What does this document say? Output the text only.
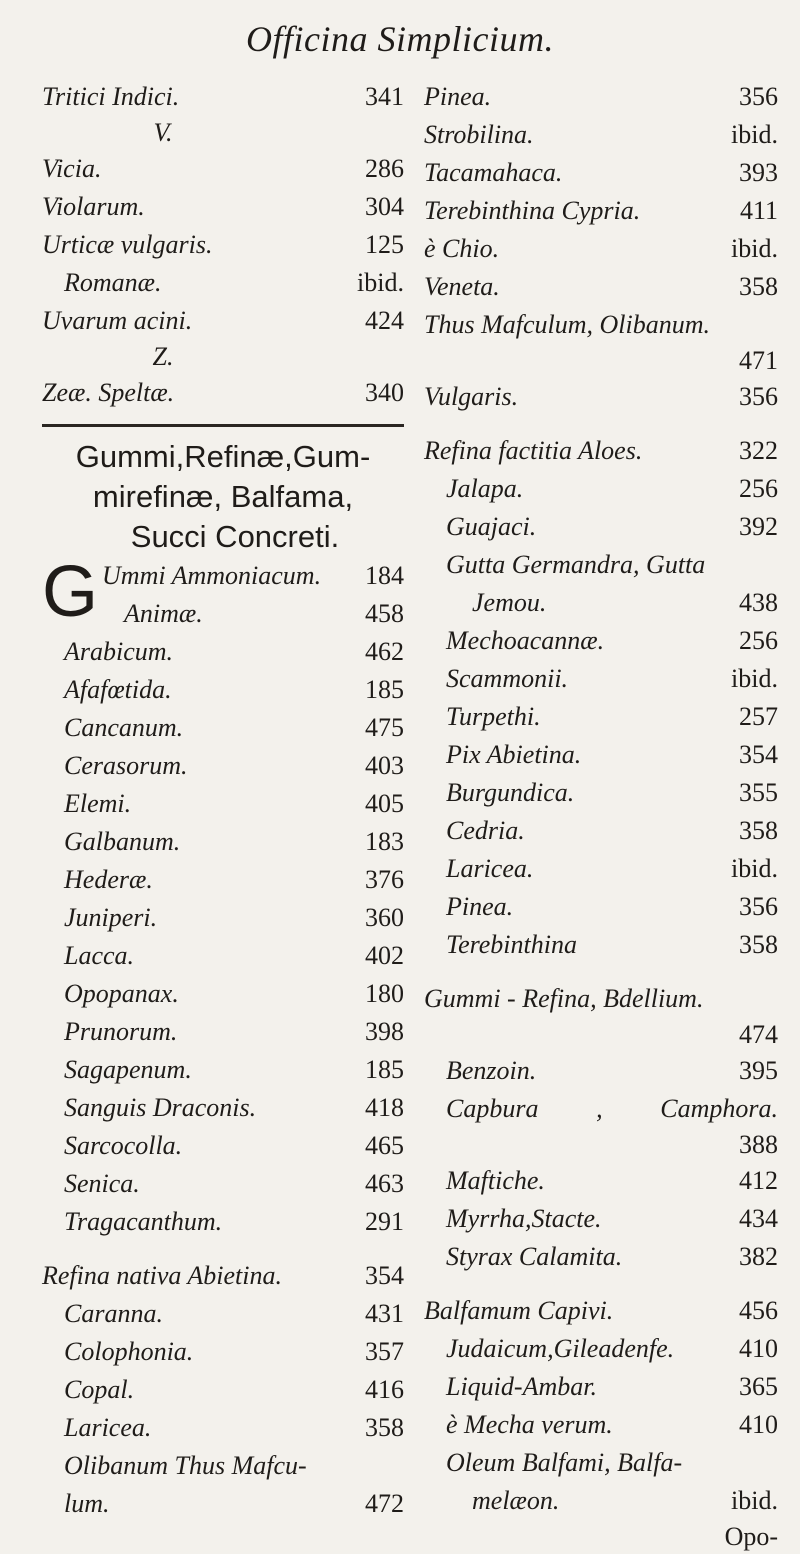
Officina Simplicium.
Tritici Indici.	341
V.
Vicia.	286
Violarum.	304
Urticæ vulgaris.	125
Romanæ.	ibid.
Uvarum acini.	424
Z.
Zeæ. Speltæ.	340
Gummi,Refinæ,Gum-
mirefinæ, Balfama,
Succi Concreti.
G Ummi Ammoniacum. 184
Animæ.	458
Arabicum.	462
Afafœtida.	185
Cancanum.	475
Cerasorum.	403
Elemi.	405
Galbanum.	183
Hederæ.	376
Juniperi.	360
Lacca.	402
Opopanax.	180
Prunorum.	398
Sagapenum.	185
Sanguis Draconis.	418
Sarcocolla.	465
Senica.	463
Tragacanthum.	291
Refina nativa Abietina.	354
Caranna.	431
Colophonia.	357
Copal.	416
Laricea.	358
Olibanum Thus Mafcu-
lum.	472
Pinea.	356
Strobilina.	ibid.
Tacamahaca.	393
Terebinthina Cypria.	411
è Chio.	ibid.
Veneta.	358
Thus Mafculum, Olibanum.
471
Vulgaris.	356
Refina factitia Aloes.	322
Jalapa.	256
Guajaci.	392
Gutta Germandra, Gutta
Jemou.	438
Mechoacannæ.	256
Scammonii.	ibid.
Turpethi.	257
Pix Abietina.	354
Burgundica.	355
Cedria.	358
Laricea.	ibid.
Pinea.	356
Terebinthina	358
Gummi - Refina, Bdellium.
474
Benzoin.	395
Capbura , Camphora.
388
Maftiche.	412
Myrrha,Stacte.	434
Styrax Calamita.	382
Balfamum Capivi.	456
Judaicum,Gileadenfe. 410
Liquid-Ambar.	365
è Mecha verum.	410
Oleum Balfami, Balfa-
melæon.	ibid.
Opo-
